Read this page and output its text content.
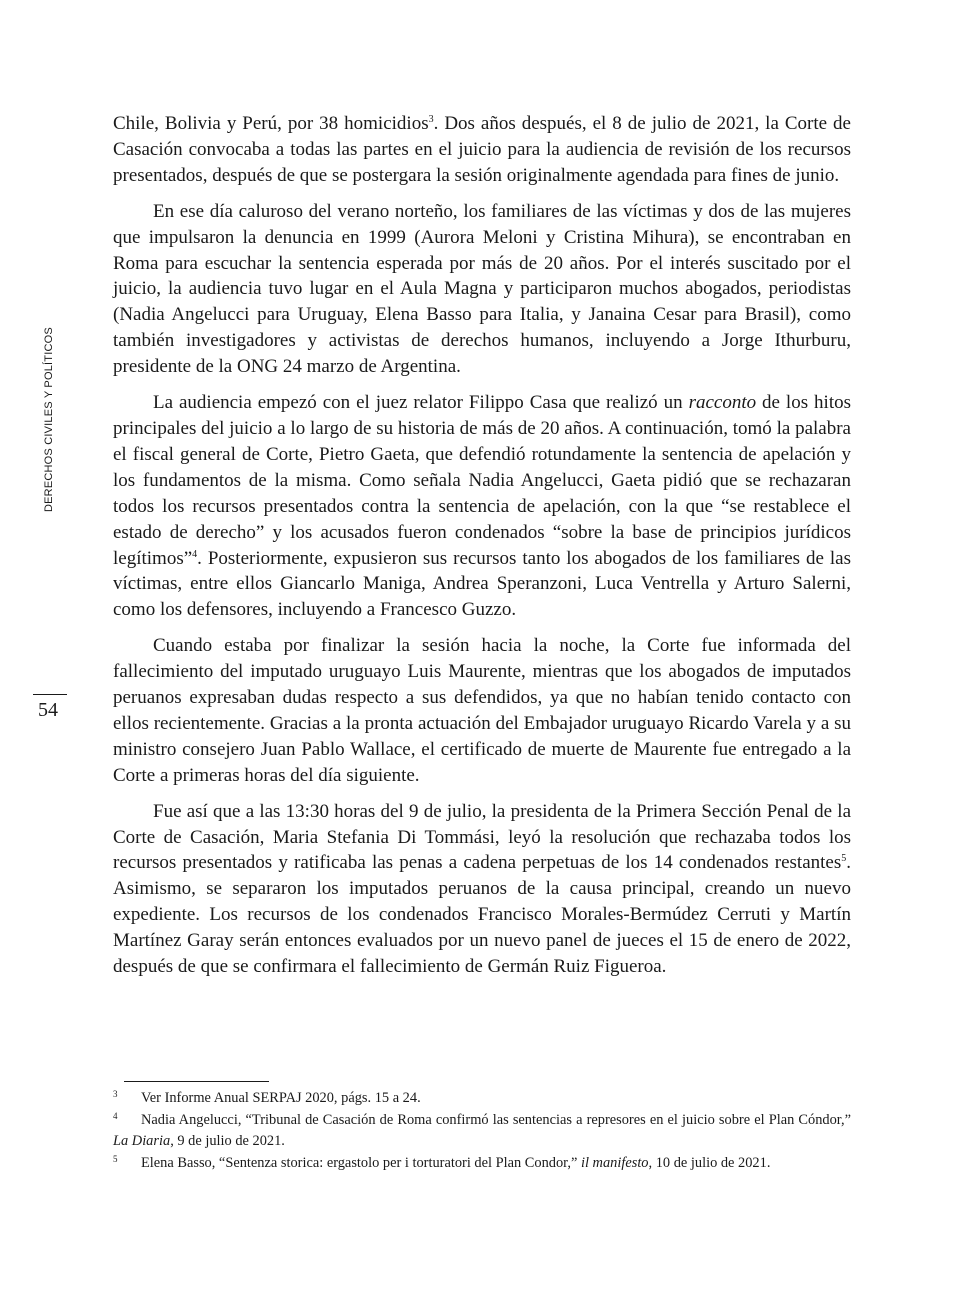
DERECHOS CIVILES Y POLÍTICOS
54

Chile, Bolivia y Perú, por 38 homicidios$^3$. Dos años después, el 8 de julio de 2021, la Corte de Casación convocaba a todas las partes en el juicio para la audiencia de revisión de los recursos presentados, después de que se postergara la sesión originalmente agendada para fines de junio.

En ese día caluroso del verano norteño, los familiares de las víctimas y dos de las mujeres que impulsaron la denuncia en 1999 (Aurora Meloni y Cristina Mihura), se encontraban en Roma para escuchar la sentencia esperada por más de 20 años. Por el interés suscitado por el juicio, la audiencia tuvo lugar en el Aula Magna y participaron muchos abogados, periodistas (Nadia Angelucci para Uruguay, Elena Basso para Italia, y Janaina Cesar para Brasil), como también investigadores y activistas de derechos humanos, incluyendo a Jorge Ithurburu, presidente de la ONG 24 marzo de Argentina.

La audiencia empezó con el juez relator Filippo Casa que realizó un racconto de los hitos principales del juicio a lo largo de su historia de más de 20 años. A continuación, tomó la palabra el fiscal general de Corte, Pietro Gaeta, que defendió rotundamente la sentencia de apelación y los fundamentos de la misma. Como señala Nadia Angelucci, Gaeta pidió que se rechazaran todos los recursos presentados contra la sentencia de apelación, con la que “se restablece el estado de derecho” y los acusados fueron condenados “sobre la base de principios jurídicos legítimos”$^4$. Posteriormente, expusieron sus recursos tanto los abogados de los familiares de las víctimas, entre ellos Giancarlo Maniga, Andrea Speranzoni, Luca Ventrella y Arturo Salerni, como los defensores, incluyendo a Francesco Guzzo.

Cuando estaba por finalizar la sesión hacia la noche, la Corte fue informada del fallecimiento del imputado uruguayo Luis Maurente, mientras que los abogados de imputados peruanos expresaban dudas respecto a sus defendidos, ya que no habían tenido contacto con ellos recientemente. Gracias a la pronta actuación del Embajador uruguayo Ricardo Varela y a su ministro consejero Juan Pablo Wallace, el certificado de muerte de Maurente fue entregado a la Corte a primeras horas del día siguiente.

Fue así que a las 13:30 horas del 9 de julio, la presidenta de la Primera Sección Penal de la Corte de Casación, Maria Stefania Di Tommási, leyó la resolución que rechazaba todos los recursos presentados y ratificaba las penas a cadena perpetuas de los 14 condenados restantes$^5$. Asimismo, se separaron los imputados peruanos de la causa principal, creando un nuevo expediente. Los recursos de los condenados Francisco Morales-Bermúdez Cerruti y Martín Martínez Garay serán entonces evaluados por un nuevo panel de jueces el 15 de enero de 2022, después de que se confirmara el fallecimiento de Germán Ruiz Figueroa.

3 Ver Informe Anual SERPAJ 2020, págs. 15 a 24.

4 Nadia Angelucci, “Tribunal de Casación de Roma confirmó las sentencias a represores en el juicio sobre el Plan Cóndor,” La Diaria, 9 de julio de 2021.

5 Elena Basso, “Sentenza storica: ergastolo per i torturatori del Plan Condor,” il manifesto, 10 de julio de 2021.
